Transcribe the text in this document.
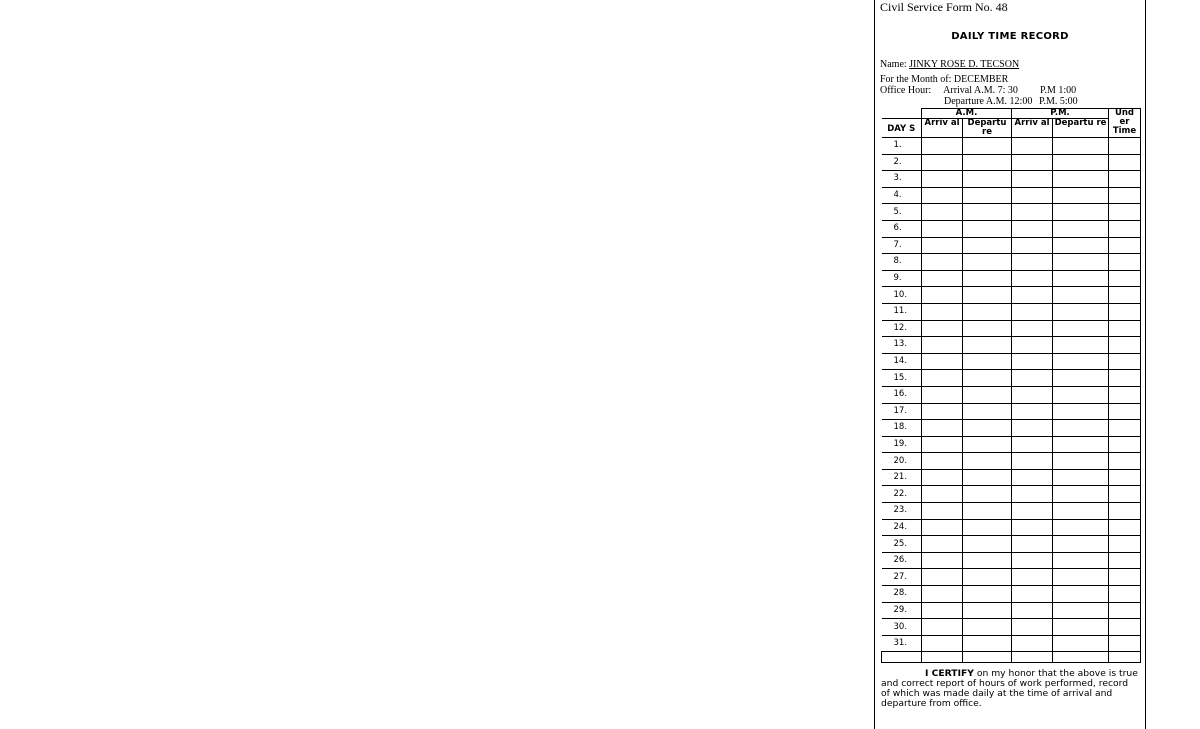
Civil Service Form No. 48
DAILY TIME RECORD
Name: JINKY ROSE D. TECSON
For the Month of: DECEMBER
Office Hour: Arrival A.M. 7: 30
Departure A.M. 12:00
P.M 1:00
P.M. 5:00
	A.M.		P.M.		Und er Time
DAY S	Arriv al	Departu re	Arriv al	Departu re	
1.					
2.					
3.					
4.					
5.					
6.					
7.					
8.					
9.					
10.					
11.					
12.					
13.					
14.					
15.					
16.					
17.					
18.					
19.					
20.					
21.					
22.					
23.					
24.					
25.					
26.					
27.					
28.					
29.					
30.					
31.					

I CERTIFY on my honor that the above is true and correct report of hours of work performed, record of which was made daily at the time of arrival and departure from office.
